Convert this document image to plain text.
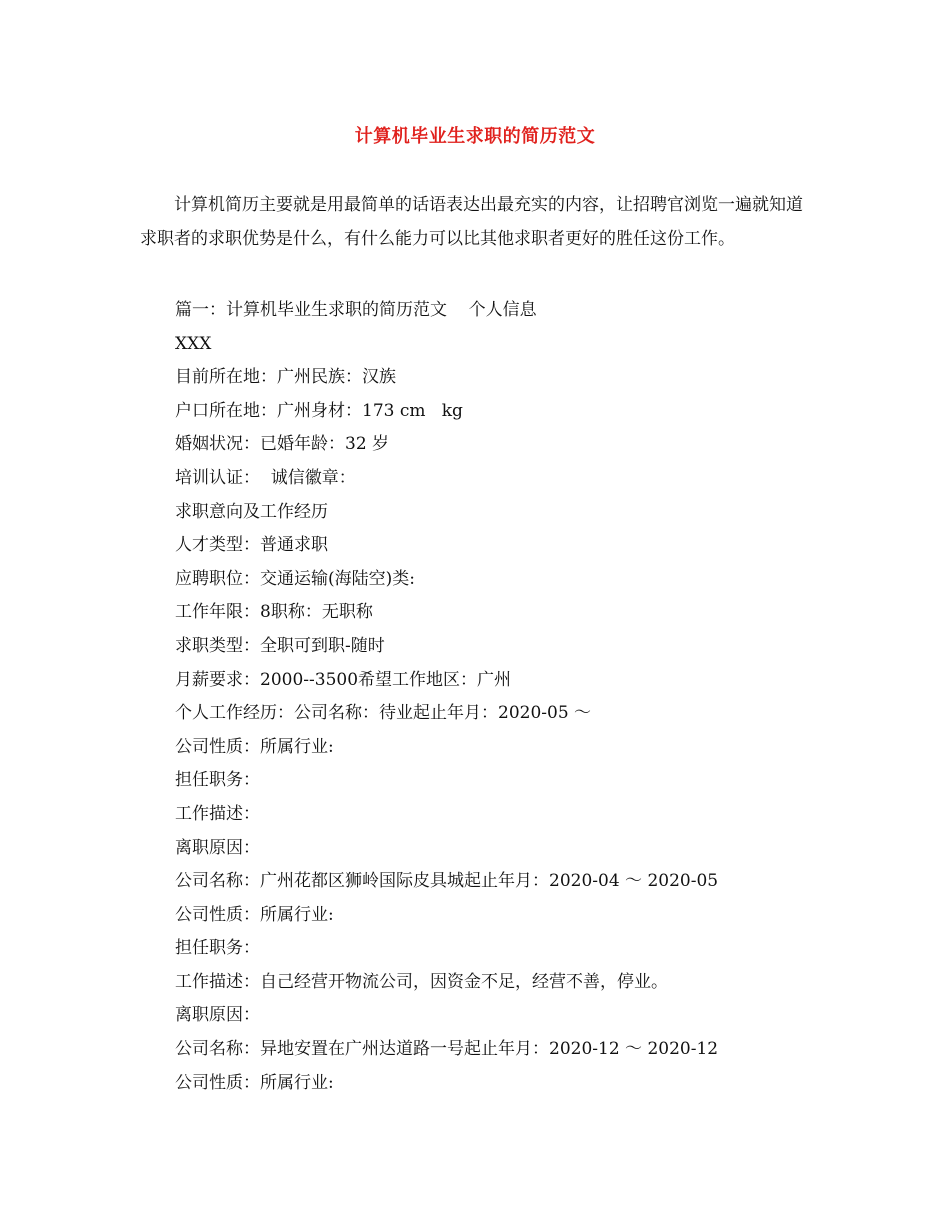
计算机毕业生求职的简历范文

计算机简历主要就是用最简单的话语表达出最充实的内容，让招聘官浏览一遍就知道求职者的求职优势是什么，有什么能力可以比其他求职者更好的胜任这份工作。

篇一：计算机毕业生求职的简历范文    个人信息
XXX
目前所在地：广州民族：汉族
户口所在地：广州身材：173 cm   kg
婚姻状况：已婚年龄：32 岁
培训认证：  诚信徽章：
求职意向及工作经历
人才类型：普通求职
应聘职位：交通运输(海陆空)类:
工作年限：8职称：无职称
求职类型：全职可到职-随时
月薪要求：2000--3500希望工作地区：广州
个人工作经历：公司名称：待业起止年月：2020-05 ～
公司性质：所属行业:
担任职务：
工作描述：
离职原因：
公司名称：广州花都区狮岭国际皮具城起止年月：2020-04 ～ 2020-05
公司性质：所属行业:
担任职务：
工作描述：自己经营开物流公司，因资金不足，经营不善，停业。
离职原因：
公司名称：异地安置在广州达道路一号起止年月：2020-12 ～ 2020-12
公司性质：所属行业:
